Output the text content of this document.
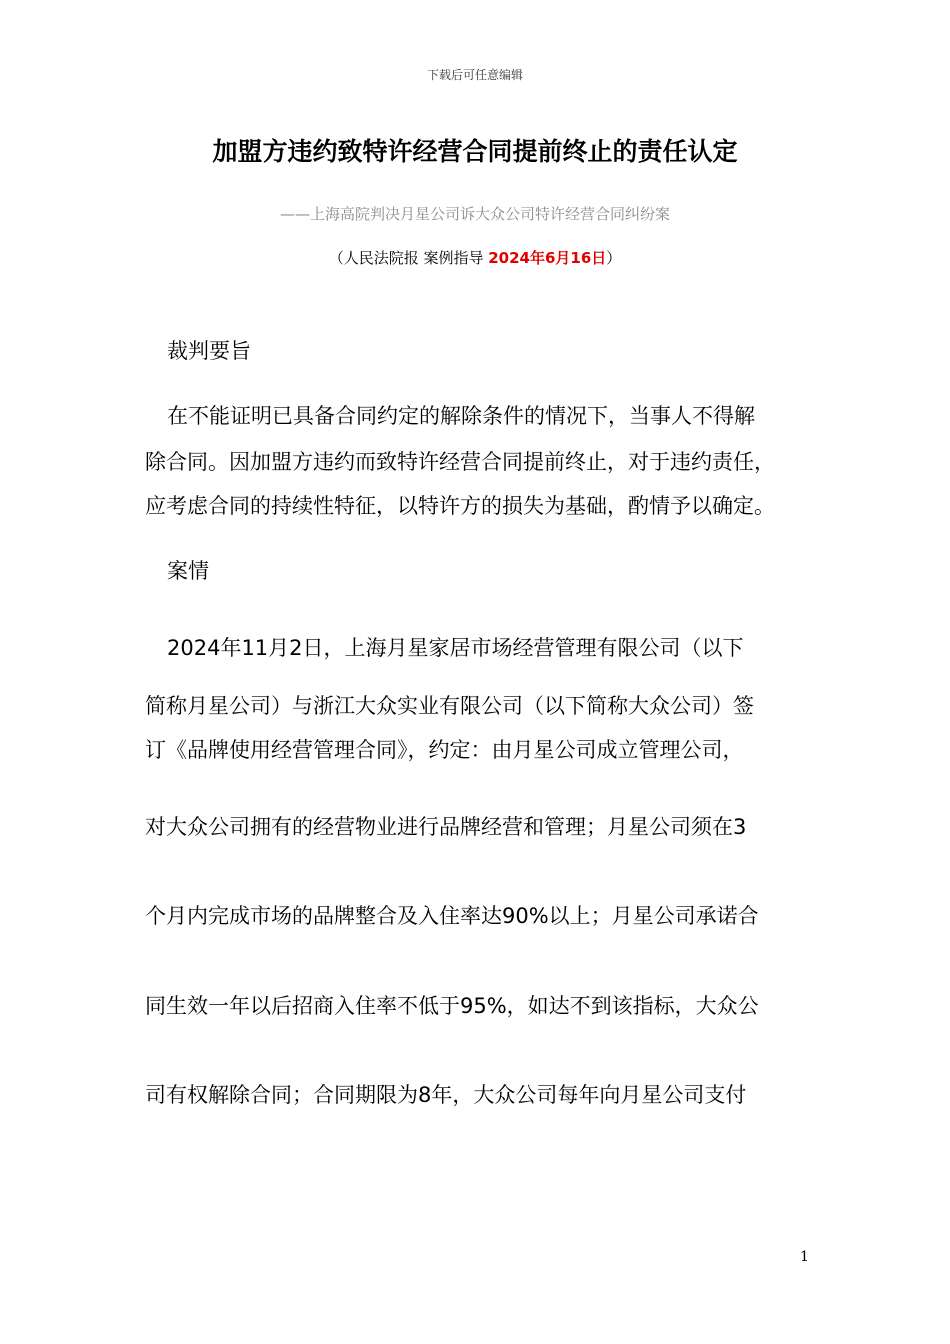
下载后可任意编辑
加盟方违约致特许经营合同提前终止的责任认定
——上海高院判决月星公司诉大众公司特许经营合同纠纷案
（人民法院报 案例指导 2024年6月16日）
裁判要旨
在不能证明已具备合同约定的解除条件的情况下，当事人不得解
除合同。因加盟方违约而致特许经营合同提前终止，对于违约责任，
应考虑合同的持续性特征，以特许方的损失为基础，酌情予以确定。
案情
2024年11月2日，上海月星家居市场经营管理有限公司（以下
简称月星公司）与浙江大众实业有限公司（以下简称大众公司）签
订《品牌使用经营管理合同》，约定：由月星公司成立管理公司，
对大众公司拥有的经营物业进行品牌经营和管理；月星公司须在3
个月内完成市场的品牌整合及入住率达90%以上；月星公司承诺合
同生效一年以后招商入住率不低于95%，如达不到该指标，大众公
司有权解除合同；合同期限为8年，大众公司每年向月星公司支付
1
